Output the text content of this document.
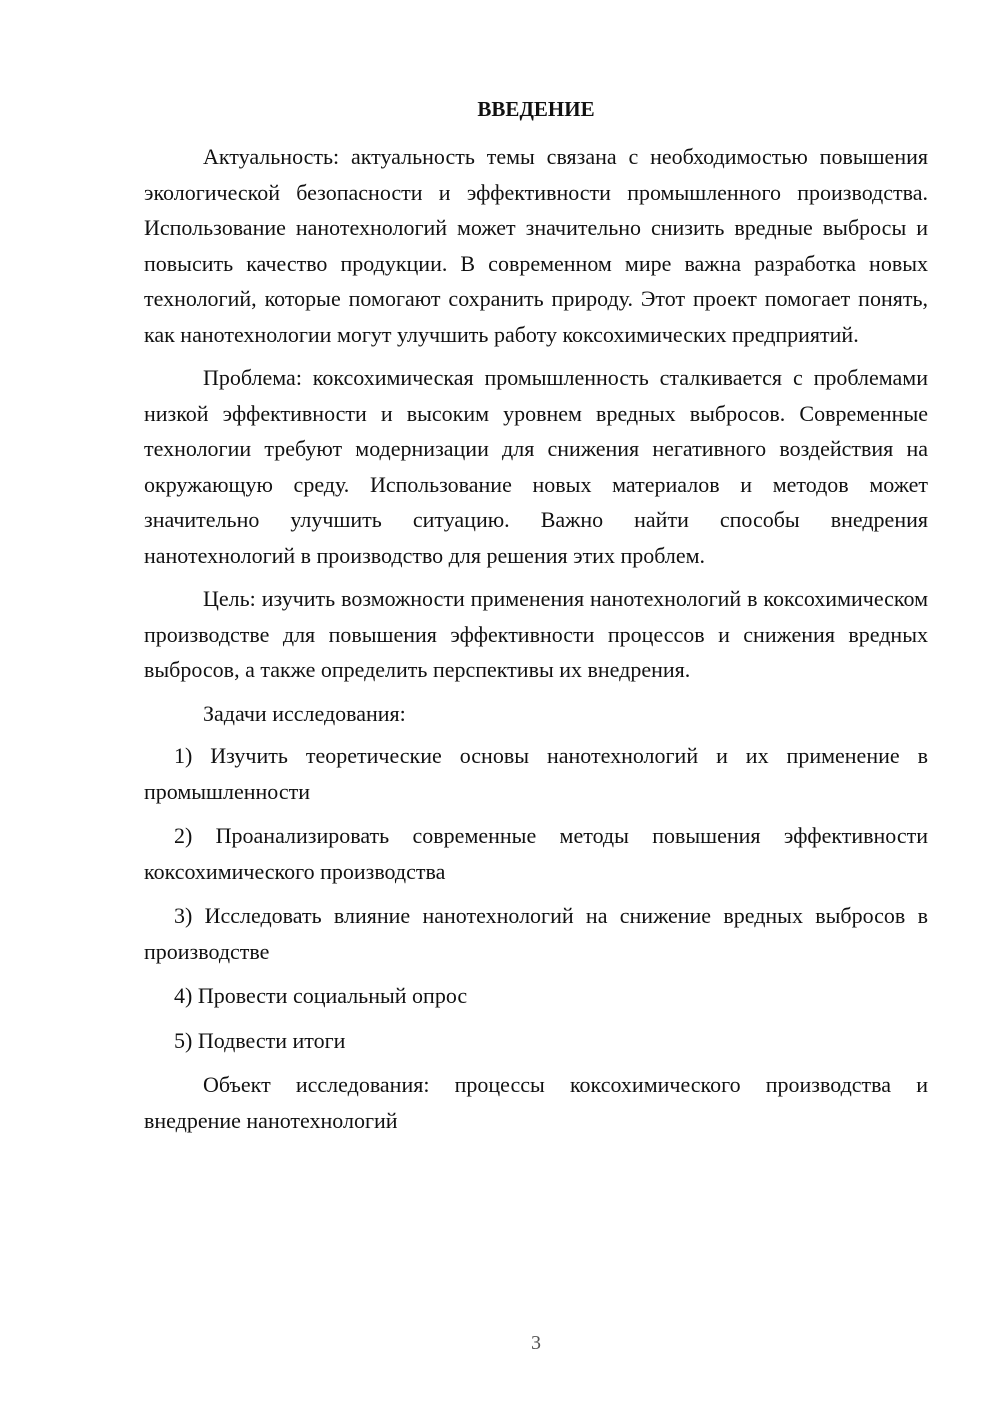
ВВЕДЕНИЕ

Актуальность: актуальность темы связана с необходимостью повышения экологической безопасности и эффективности промышленного производства. Использование нанотехнологий может значительно снизить вредные выбросы и повысить качество продукции. В современном мире важна разработка новых технологий, которые помогают сохранить природу. Этот проект помогает понять, как нанотехнологии могут улучшить работу коксохимических предприятий.

Проблема: коксохимическая промышленность сталкивается с проблемами низкой эффективности и высоким уровнем вредных выбросов. Современные технологии требуют модернизации для снижения негативного воздействия на окружающую среду. Использование новых материалов и методов может значительно улучшить ситуацию. Важно найти способы внедрения нанотехнологий в производство для решения этих проблем.

Цель: изучить возможности применения нанотехнологий в коксохимическом производстве для повышения эффективности процессов и снижения вредных выбросов, а также определить перспективы их внедрения.

Задачи исследования:

1) Изучить теоретические основы нанотехнологий и их применение в промышленности

2) Проанализировать современные методы повышения эффективности коксохимического производства

3) Исследовать влияние нанотехнологий на снижение вредных выбросов в производстве

4) Провести социальный опрос

5) Подвести итоги

Объект исследования: процессы коксохимического производства и внедрение нанотехнологий

3
